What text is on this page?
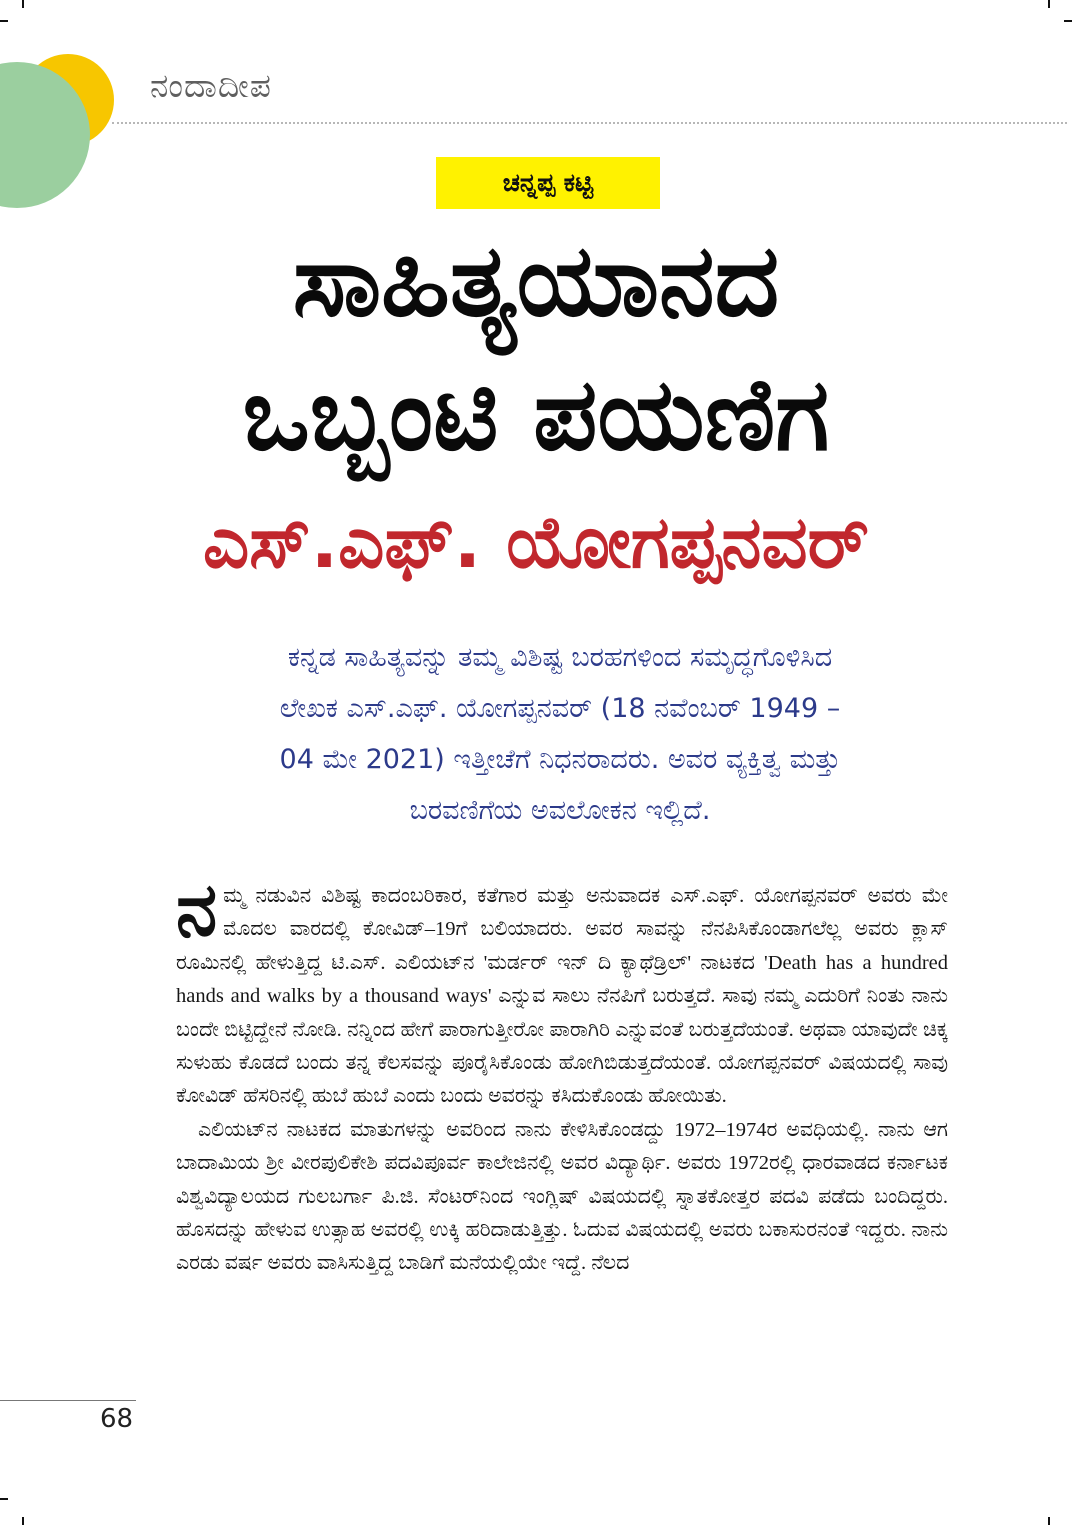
ನಂದಾದೀಪ
ಚನ್ನಪ್ಪ ಕಟ್ಟಿ
ಸಾಹಿತ್ಯಯಾನದ
ಒಬ್ಬಂಟಿ ಪಯಣಿಗ
ಎಸ್.ಎಫ್. ಯೋಗಪ್ಪನವರ್
ಕನ್ನಡ ಸಾಹಿತ್ಯವನ್ನು ತಮ್ಮ ವಿಶಿಷ್ಟ ಬರಹಗಳಿಂದ ಸಮೃದ್ಧಗೊಳಿಸಿದ
ಲೇಖಕ ಎಸ್.ಎಫ್. ಯೋಗಪ್ಪನವರ್ (18 ನವೆಂಬರ್ 1949 –
04 ಮೇ 2021) ಇತ್ತೀಚೆಗೆ ನಿಧನರಾದರು. ಅವರ ವ್ಯಕ್ತಿತ್ವ ಮತ್ತು
ಬರವಣಿಗೆಯ ಅವಲೋಕನ ಇಲ್ಲಿದೆ.

ನಮ್ಮ ನಡುವಿನ ವಿಶಿಷ್ಟ ಕಾದಂಬರಿಕಾರ, ಕತೆಗಾರ ಮತ್ತು ಅನುವಾದಕ ಎಸ್.ಎಫ್. ಯೋಗಪ್ಪನವರ್ ಅವರು ಮೇ ಮೊದಲ ವಾರದಲ್ಲಿ ಕೋವಿಡ್–19ಗೆ ಬಲಿಯಾದರು. ಅವರ ಸಾವನ್ನು ನೆನಪಿಸಿಕೊಂಡಾಗಲೆಲ್ಲ ಅವರು ಕ್ಲಾಸ್ ರೂಮಿನಲ್ಲಿ ಹೇಳುತ್ತಿದ್ದ ಟಿ.ಎಸ್. ಎಲಿಯಟ್‌ನ 'ಮರ್ಡರ್ ಇನ್ ದಿ ಕ್ಯಾಥೆಡ್ರಿಲ್' ನಾಟಕದ 'Death has a hundred hands and walks by a thousand ways' ಎನ್ನುವ ಸಾಲು ನೆನಪಿಗೆ ಬರುತ್ತದೆ. ಸಾವು ನಮ್ಮ ಎದುರಿಗೆ ನಿಂತು ನಾನು ಬಂದೇ ಬಿಟ್ಟಿದ್ದೇನೆ ನೋಡಿ. ನನ್ನಿಂದ ಹೇಗೆ ಪಾರಾಗುತ್ತೀರೋ ಪಾರಾಗಿರಿ ಎನ್ನುವಂತೆ ಬರುತ್ತದೆಯಂತೆ. ಅಥವಾ ಯಾವುದೇ ಚಿಕ್ಕ ಸುಳುಹು ಕೊಡದೆ ಬಂದು ತನ್ನ ಕೆಲಸವನ್ನು ಪೂರೈಸಿಕೊಂಡು ಹೋಗಿಬಿಡುತ್ತದೆಯಂತೆ. ಯೋಗಪ್ಪನವರ್ ವಿಷಯದಲ್ಲಿ ಸಾವು ಕೋವಿಡ್ ಹೆಸರಿನಲ್ಲಿ ಹುಬೆ ಹುಬೆ ಎಂದು ಬಂದು ಅವರನ್ನು ಕಸಿದುಕೊಂಡು ಹೋಯಿತು.

ಎಲಿಯಟ್‌ನ ನಾಟಕದ ಮಾತುಗಳನ್ನು ಅವರಿಂದ ನಾನು ಕೇಳಿಸಿಕೊಂಡದ್ದು 1972–1974ರ ಅವಧಿಯಲ್ಲಿ. ನಾನು ಆಗ ಬಾದಾಮಿಯ ಶ್ರೀ ವೀರಪುಲಿಕೇಶಿ ಪದವಿಪೂರ್ವ ಕಾಲೇಜಿನಲ್ಲಿ ಅವರ ವಿದ್ಯಾರ್ಥಿ. ಅವರು 1972ರಲ್ಲಿ ಧಾರವಾಡದ ಕರ್ನಾಟಕ ವಿಶ್ವವಿದ್ಯಾಲಯದ ಗುಲಬರ್ಗಾ ಪಿ.ಜಿ. ಸೆಂಟರ್‌ನಿಂದ ಇಂಗ್ಲಿಷ್ ವಿಷಯದಲ್ಲಿ ಸ್ನಾತಕೋತ್ತರ ಪದವಿ ಪಡೆದು ಬಂದಿದ್ದರು. ಹೊಸದನ್ನು ಹೇಳುವ ಉತ್ಸಾಹ ಅವರಲ್ಲಿ ಉಕ್ಕಿ ಹರಿದಾಡುತ್ತಿತ್ತು. ಓದುವ ವಿಷಯದಲ್ಲಿ ಅವರು ಬಕಾಸುರನಂತೆ ಇದ್ದರು. ನಾನು ಎರಡು ವರ್ಷ ಅವರು ವಾಸಿಸುತ್ತಿದ್ದ ಬಾಡಿಗೆ ಮನೆಯಲ್ಲಿಯೇ ಇದ್ದೆ. ನೆಲದ

68
